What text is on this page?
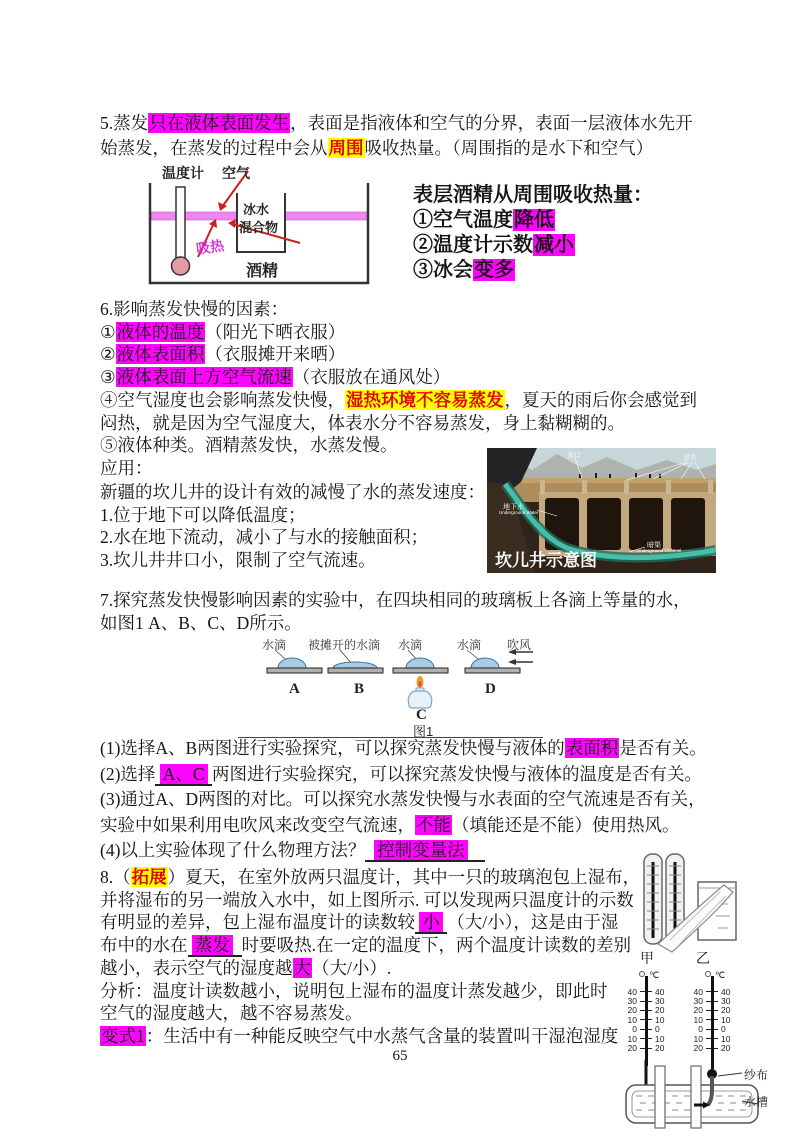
5.蒸发只在液体表面发生，表面是指液体和空气的分界，表面一层液体水先开
始蒸发，在蒸发的过程中会从周围吸收热量。（周围指的是水下和空气）
温度计 空气
冰水
混合物
吸热
酒精
表层酒精从周围吸收热量：
①空气温度降低
②温度计示数减小
③冰会变多
6.影响蒸发快慢的因素：
①液体的温度（阳光下晒衣服）
②液体表面积（衣服摊开来晒）
③液体表面上方空气流速（衣服放在通风处）
④空气湿度也会影响蒸发快慢，湿热环境不容易蒸发，夏天的雨后你会感觉到
闷热，就是因为空气湿度大，体表水分不容易蒸发，身上黏糊糊的。
⑤液体种类。酒精蒸发快，水蒸发慢。
应用：
新疆的坎儿井的设计有效的减慢了水的蒸发速度：
1.位于地下可以降低温度；
2.水在地下流动，减小了与水的接触面积；
3.坎儿井井口小，限制了空气流速。
龙口	竖井
地下水
Underground Water
暗渠
Underground Channel
坎儿井示意图
7.探究蒸发快慢影响因素的实验中，在四块相同的玻璃板上各滴上等量的水，
如图1 A、B、C、D所示。
水滴 被摊开的水滴 水滴	水滴 吹风
A	B
C
D
图1
(1)选择A、B两图进行实验探究，可以探究蒸发快慢与液体的表面积是否有关。
(2)选择 A、C 两图进行实验探究，可以探究蒸发快慢与液体的温度是否有关。
(3)通过A、D两图的对比。可以探究水蒸发快慢与水表面的空气流速是否有关，
实验中如果利用电吹风来改变空气流速，不能（填能还是不能）使用热风。
(4)以上实验体现了什么物理方法？ 控制变量法
8.（拓展）夏天，在室外放两只温度计，其中一只的玻璃泡包上湿布，
并将湿布的另一端放入水中，如上图所示. 可以发现两只温度计的示数
有明显的差异，包上湿布温度计的读数较 小 （大/小），这是由于湿
布中的水在 蒸发 时要吸热.在一定的温度下，两个温度计读数的差别
越小，表示空气的湿度越大（大/小）.
分析：温度计读数越小，说明包上湿布的温度计蒸发越少，即此时
空气的湿度越大，越不容易蒸发。
变式1：生活中有一种能反映空气中水蒸气含量的装置叫干湿泡湿度
甲	乙
℃
40	40
30	30
20	20
10	10
0	0
10	10
20	20
℃
40	40
30	30
20	20
10	10
0	0
10	10
20	20
纱布
水槽
65
